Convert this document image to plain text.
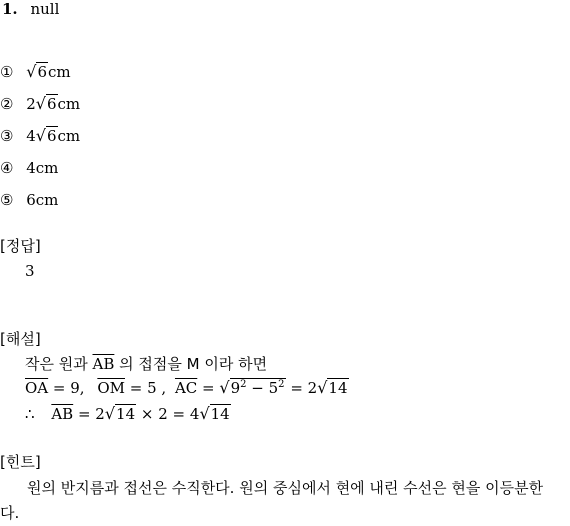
1. null
① √6cm
② 2√6cm
③ 4√6cm
④ 4cm
⑤ 6cm
[정답]
3
[해설]
작은 원과 $\overline{AB}$ 의 접점을 M 이라 하면
$\overline{OA} = 9$, $\overline{OM} = 5$ , $\overline{AC} = √9^2 - 5^2 = 2√14$
∴ $\overline{AB} = 2√14 \times 2 = 4√14$
[힌트]
원의 반지름과 접선은 수직한다. 원의 중심에서 현에 내린 수선은 현을 이등분한다.
